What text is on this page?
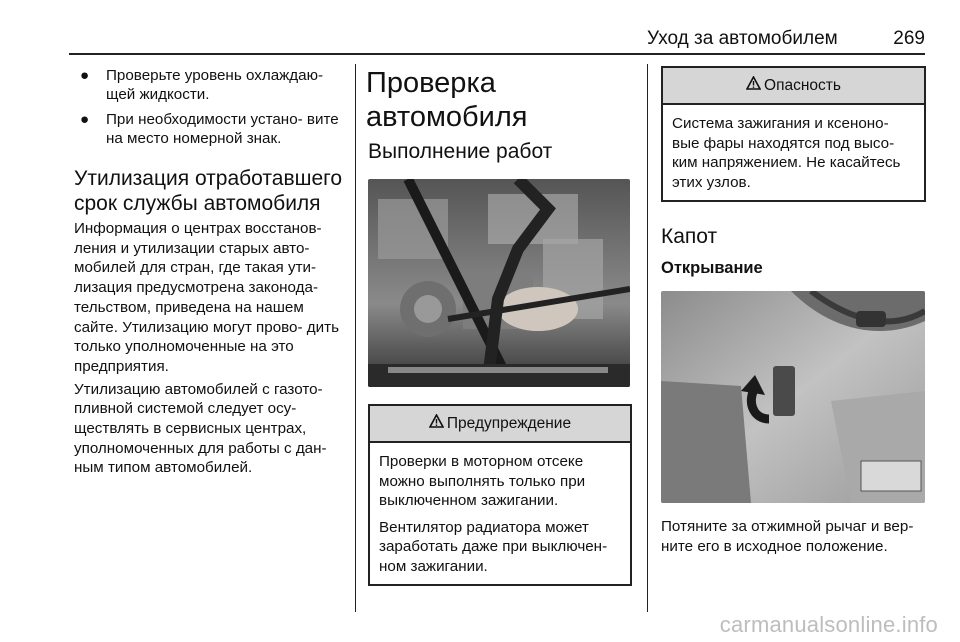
Уход за автомобилем	269
● Проверьте уровень охлаждаю- щей жидкости.
● При необходимости устано- вите на место номерной знак.
Утилизация отработавшего срок службы автомобиля

Информация о центрах восстанов- ления и утилизации старых авто- мобилей для стран, где такая ути- лизация предусмотрена законода- тельством, приведена на нашем сайте. Утилизацию могут прово- дить только уполномоченные на это предприятия.

Утилизацию автомобилей с газото- пливной системой следует осу- ществлять в сервисных центрах, уполномоченных для работы с дан- ным типом автомобилей.

Проверка автомобиля
Выполнение работ
Предупреждение

Проверки в моторном отсеке можно выполнять только при выключенном зажигании.

Вентилятор радиатора может заработать даже при выключен- ном зажигании.

Опасность

Система зажигания и ксеноно- вые фары находятся под высо- ким напряжением. Не касайтесь этих узлов.

Капот
Открывание
Потяните за отжимной рычаг и вер- ните его в исходное положение.
carmanualsonline.info
